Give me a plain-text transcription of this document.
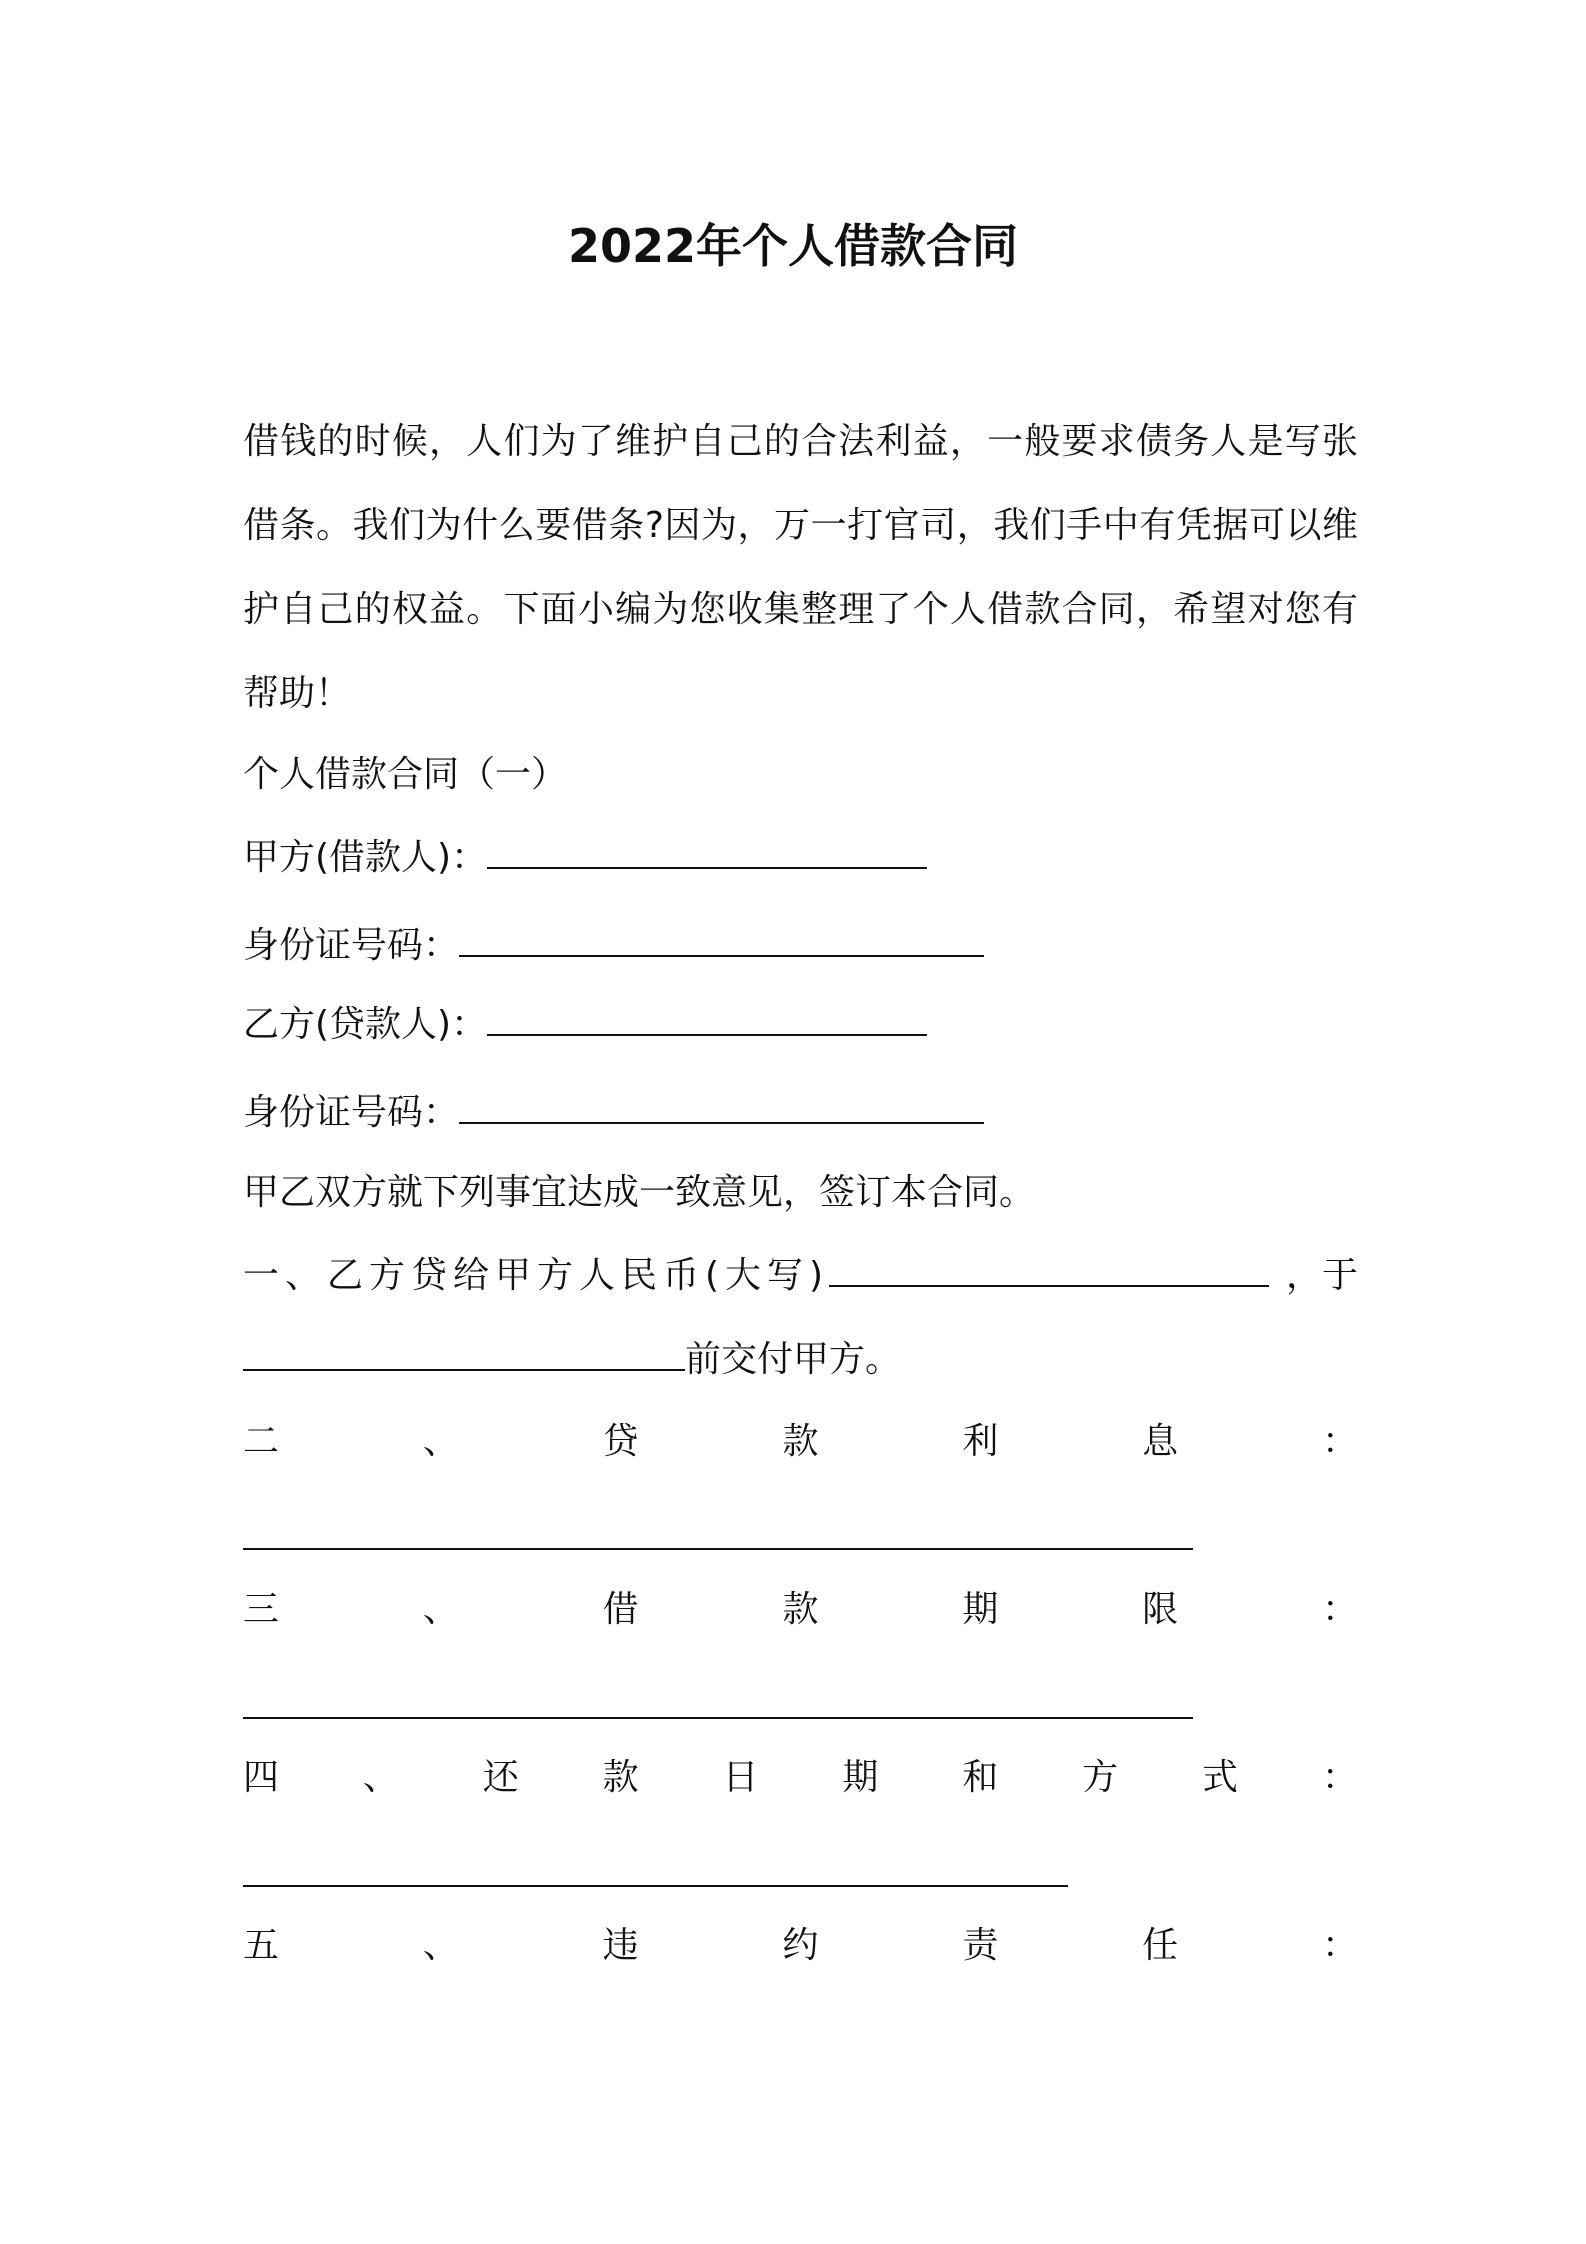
2022年个人借款合同
借钱的时候，人们为了维护自己的合法利益，一般要求债务人是写张借条。我们为什么要借条?因为，万一打官司，我们手中有凭据可以维护自己的权益。下面小编为您收集整理了个人借款合同，希望对您有帮助！
个人借款合同（一）
甲方(借款人)：
身份证号码：
乙方(贷款人)：
身份证号码：
甲乙双方就下列事宜达成一致意见，签订本合同。
一、乙方贷给甲方人民币(大写)	，于
前交付甲方。
二	、	贷	款	利	息	：
三	、	借	款	期	限	：
四 、 还 款 日 期 和 方 式 ：
五	、	违	约	责	任	：
